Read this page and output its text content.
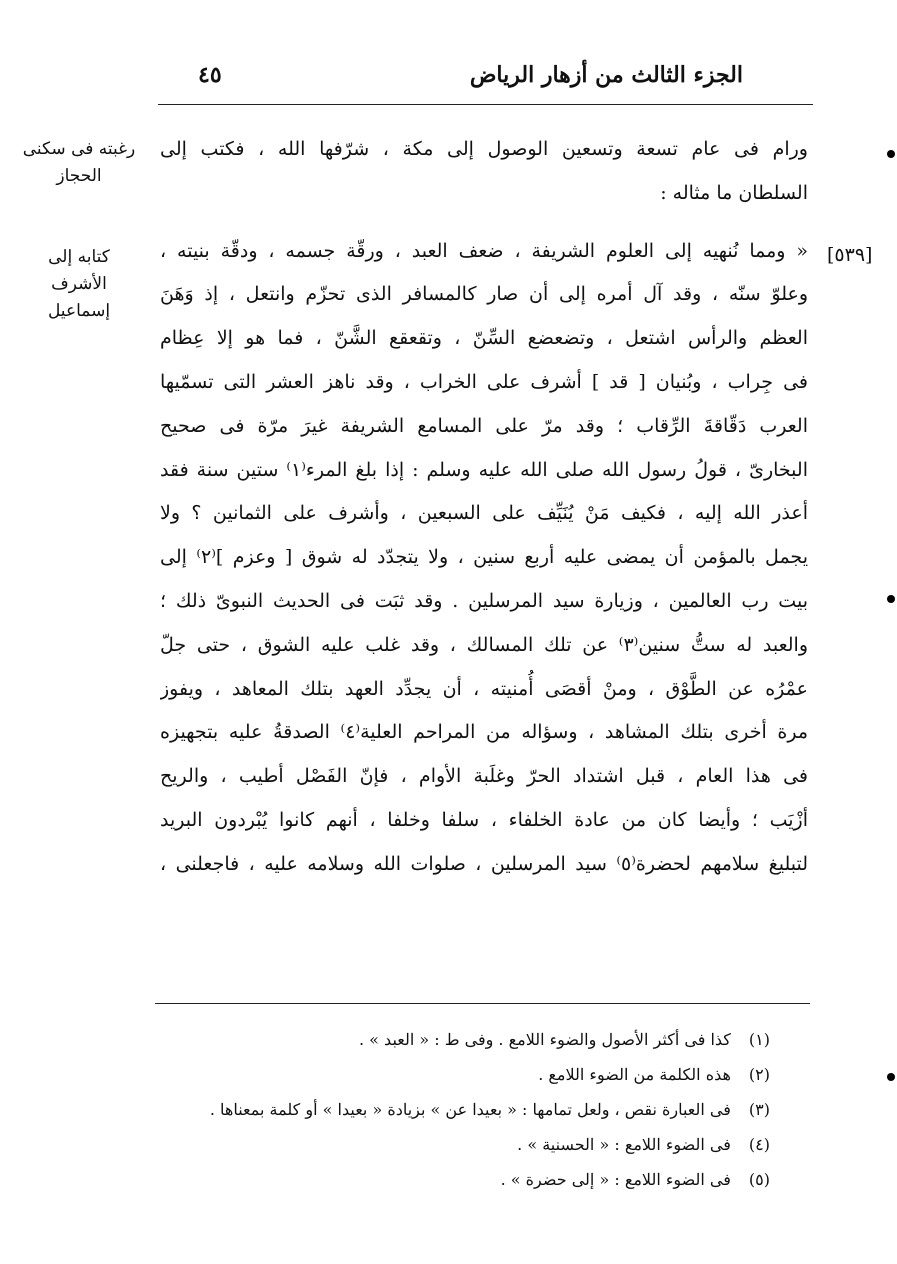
الجزء الثالث من أزهار الرياض
٤٥
[٥٣٩]
رغبته فى سكنى
الحجاز
كتابه إلى
الأشرف
إسماعيل
ورام فى عام تسعة وتسعين الوصول إلى مكة ، شرّفها الله ، فكتب إلى
السلطان ما مثاله :
« ومما نُنهيه إلى العلوم الشريفة ، ضعف العبد ، ورقّة جسمه ، ودقّة بنيته ،
وعلوّ سنّه ، وقد آل أمره إلى أن صار كالمسافر الذى تحزّم وانتعل ، إذ وَهَنَ
العظم والرأس اشتعل ، وتضعضع السِّنّ ، وتقعقع الشَّنّ ، فما هو إلا عِظام
فى جِراب ، وبُنيان [ قد ] أشرف على الخراب ، وقد ناهز العشر التى تسمّيها
العرب دَقّاقةَ الرِّقاب ؛ وقد مرّ على المسامع الشريفة غيرَ مرّة فى صحيح
البخارىّ ، قولُ رسول الله صلى الله عليه وسلم : إذا بلغ المرء⁽١⁾ ستين سنة فقد
أعذر الله إليه ، فكيف مَنْ يُنَيِّف على السبعين ، وأشرف على الثمانين ؟ ولا
يجمل بالمؤمن أن يمضى عليه أربع سنين ، ولا يتجدّد له شوق [ وعزم ]⁽٢⁾ إلى
بيت رب العالمين ، وزيارة سيد المرسلين . وقد ثبَت فى الحديث النبوىّ ذلك ؛
والعبد له ستُّ سنين⁽٣⁾ عن تلك المسالك ، وقد غلب عليه الشوق ، حتى جلّ
عمْرُه عن الطَّوْق ، ومنْ أقصَى أُمنيته ، أن يجدِّد العهد بتلك المعاهد ، ويفوز
مرة أخرى بتلك المشاهد ، وسؤاله من المراحم العلية⁽٤⁾ الصدقةُ عليه بتجهيزه
فى هذا العام ، قبل اشتداد الحرّ وغلَبة الأوام ، فإنّ الفَصْل أطيب ، والريح
أزْيَب ؛ وأيضا كان من عادة الخلفاء ، سلفا وخلفا ، أنهم كانوا يُبْردون البريد
لتبليغ سلامهم لحضرة⁽٥⁾ سيد المرسلين ، صلوات الله وسلامه عليه ، فاجعلنى ،
(١) كذا فى أكثر الأصول والضوء اللامع . وفى ط : « العبد » .
(٢) هذه الكلمة من الضوء اللامع .
(٣) فى العبارة نقص ، ولعل تمامها : « بعيدا عن » بزيادة « بعيدا » أو كلمة بمعناها .
(٤) فى الضوء اللامع : « الحسنية » .
(٥) فى الضوء اللامع : « إلى حضرة » .
